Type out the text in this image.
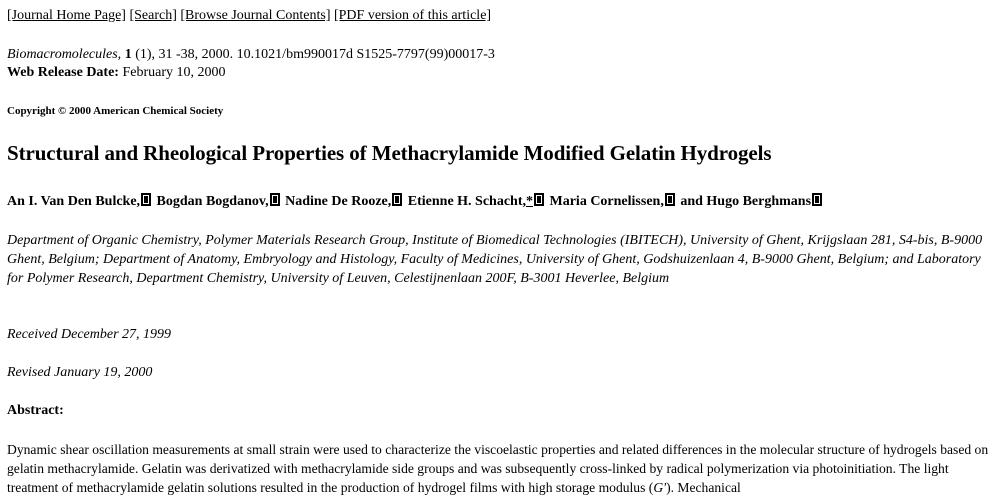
[Journal Home Page] [Search] [Browse Journal Contents] [PDF version of this article]
Biomacromolecules, 1 (1), 31 -38, 2000. 10.1021/bm990017d S1525-7797(99)00017-3
Web Release Date: February 10, 2000
Copyright © 2000 American Chemical Society
Structural and Rheological Properties of Methacrylamide Modified Gelatin Hydrogels
An I. Van Den Bulcke, Bogdan Bogdanov, Nadine De Rooze, Etienne H. Schacht,* Maria Cornelissen, and Hugo Berghmans
Department of Organic Chemistry, Polymer Materials Research Group, Institute of Biomedical Technologies (IBITECH), University of Ghent, Krijgslaan 281, S4-bis, B-9000 Ghent, Belgium; Department of Anatomy, Embryology and Histology, Faculty of Medicines, University of Ghent, Godshuizenlaan 4, B-9000 Ghent, Belgium; and Laboratory for Polymer Research, Department Chemistry, University of Leuven, Celestijnenlaan 200F, B-3001 Heverlee, Belgium
Received December 27, 1999
Revised January 19, 2000
Abstract:
Dynamic shear oscillation measurements at small strain were used to characterize the viscoelastic properties and related differences in the molecular structure of hydrogels based on gelatin methacrylamide. Gelatin was derivatized with methacrylamide side groups and was subsequently cross-linked by radical polymerization via photoinitiation. The light treatment of methacrylamide gelatin solutions resulted in the production of hydrogel films with high storage modulus (G'). Mechanical
